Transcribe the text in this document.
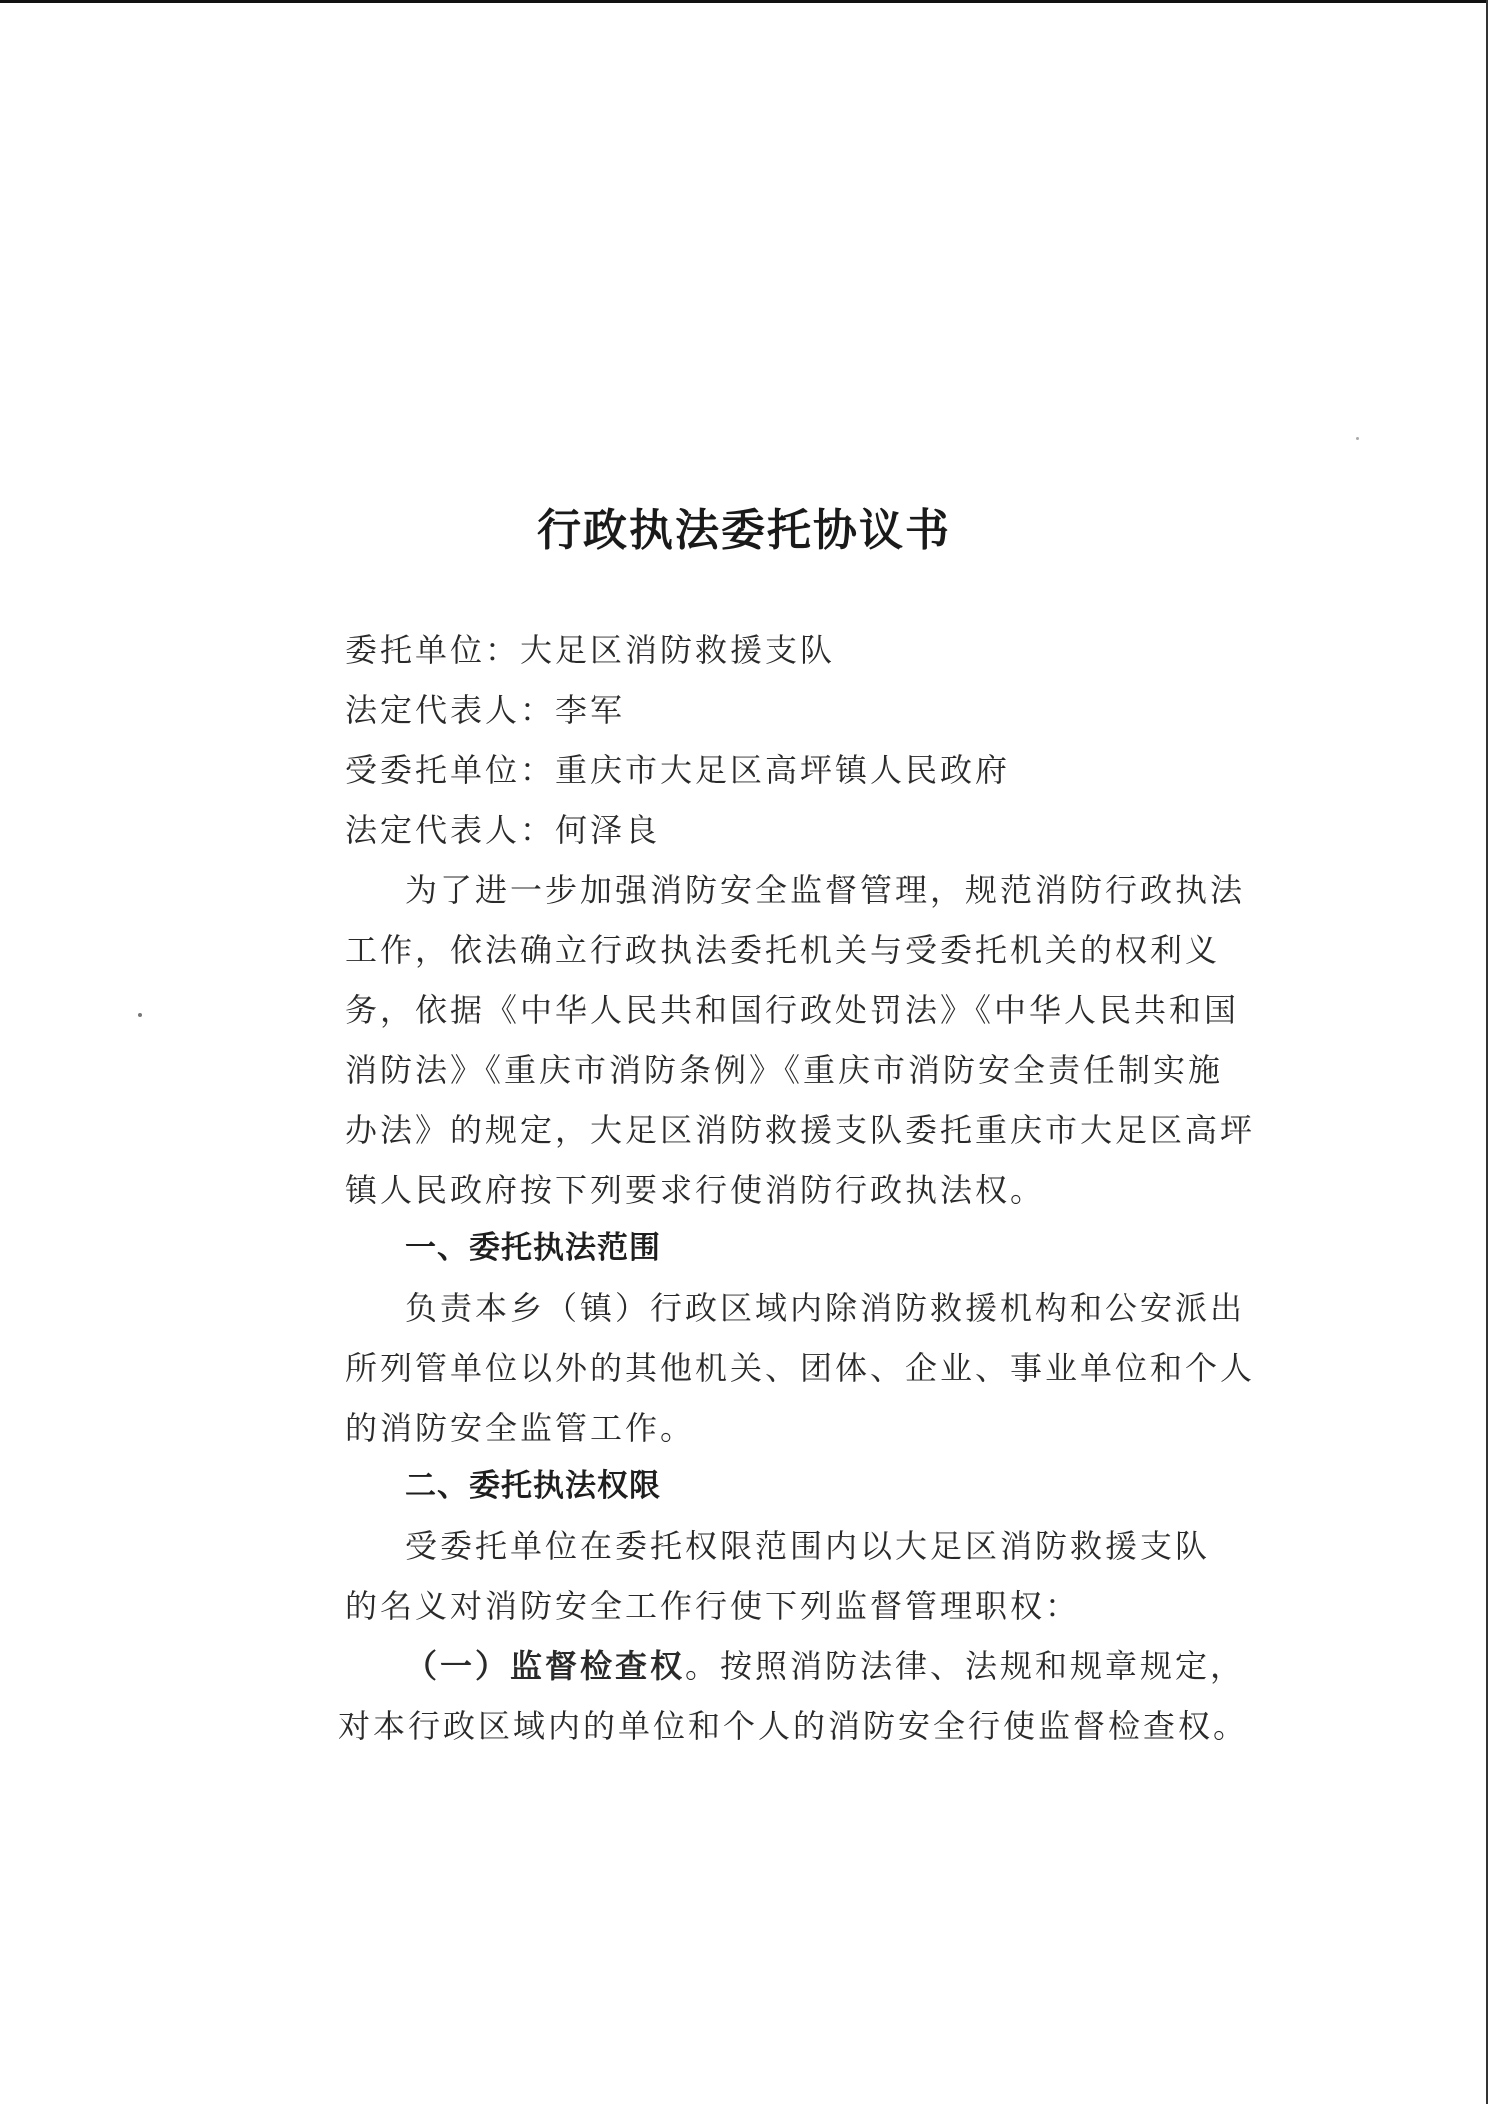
行政执法委托协议书
委托单位：大足区消防救援支队
法定代表人：李军
受委托单位：重庆市大足区高坪镇人民政府
法定代表人：何泽良
为了进一步加强消防安全监督管理，规范消防行政执法
工作，依法确立行政执法委托机关与受委托机关的权利义
务，依据《中华人民共和国行政处罚法》《中华人民共和国
消防法》《重庆市消防条例》《重庆市消防安全责任制实施
办法》的规定，大足区消防救援支队委托重庆市大足区高坪
镇人民政府按下列要求行使消防行政执法权。
一、委托执法范围
负责本乡（镇）行政区域内除消防救援机构和公安派出
所列管单位以外的其他机关、团体、企业、事业单位和个人
的消防安全监管工作。
二、委托执法权限
受委托单位在委托权限范围内以大足区消防救援支队
的名义对消防安全工作行使下列监督管理职权：
（一）监督检查权。按照消防法律、法规和规章规定，
对本行政区域内的单位和个人的消防安全行使监督检查权。
